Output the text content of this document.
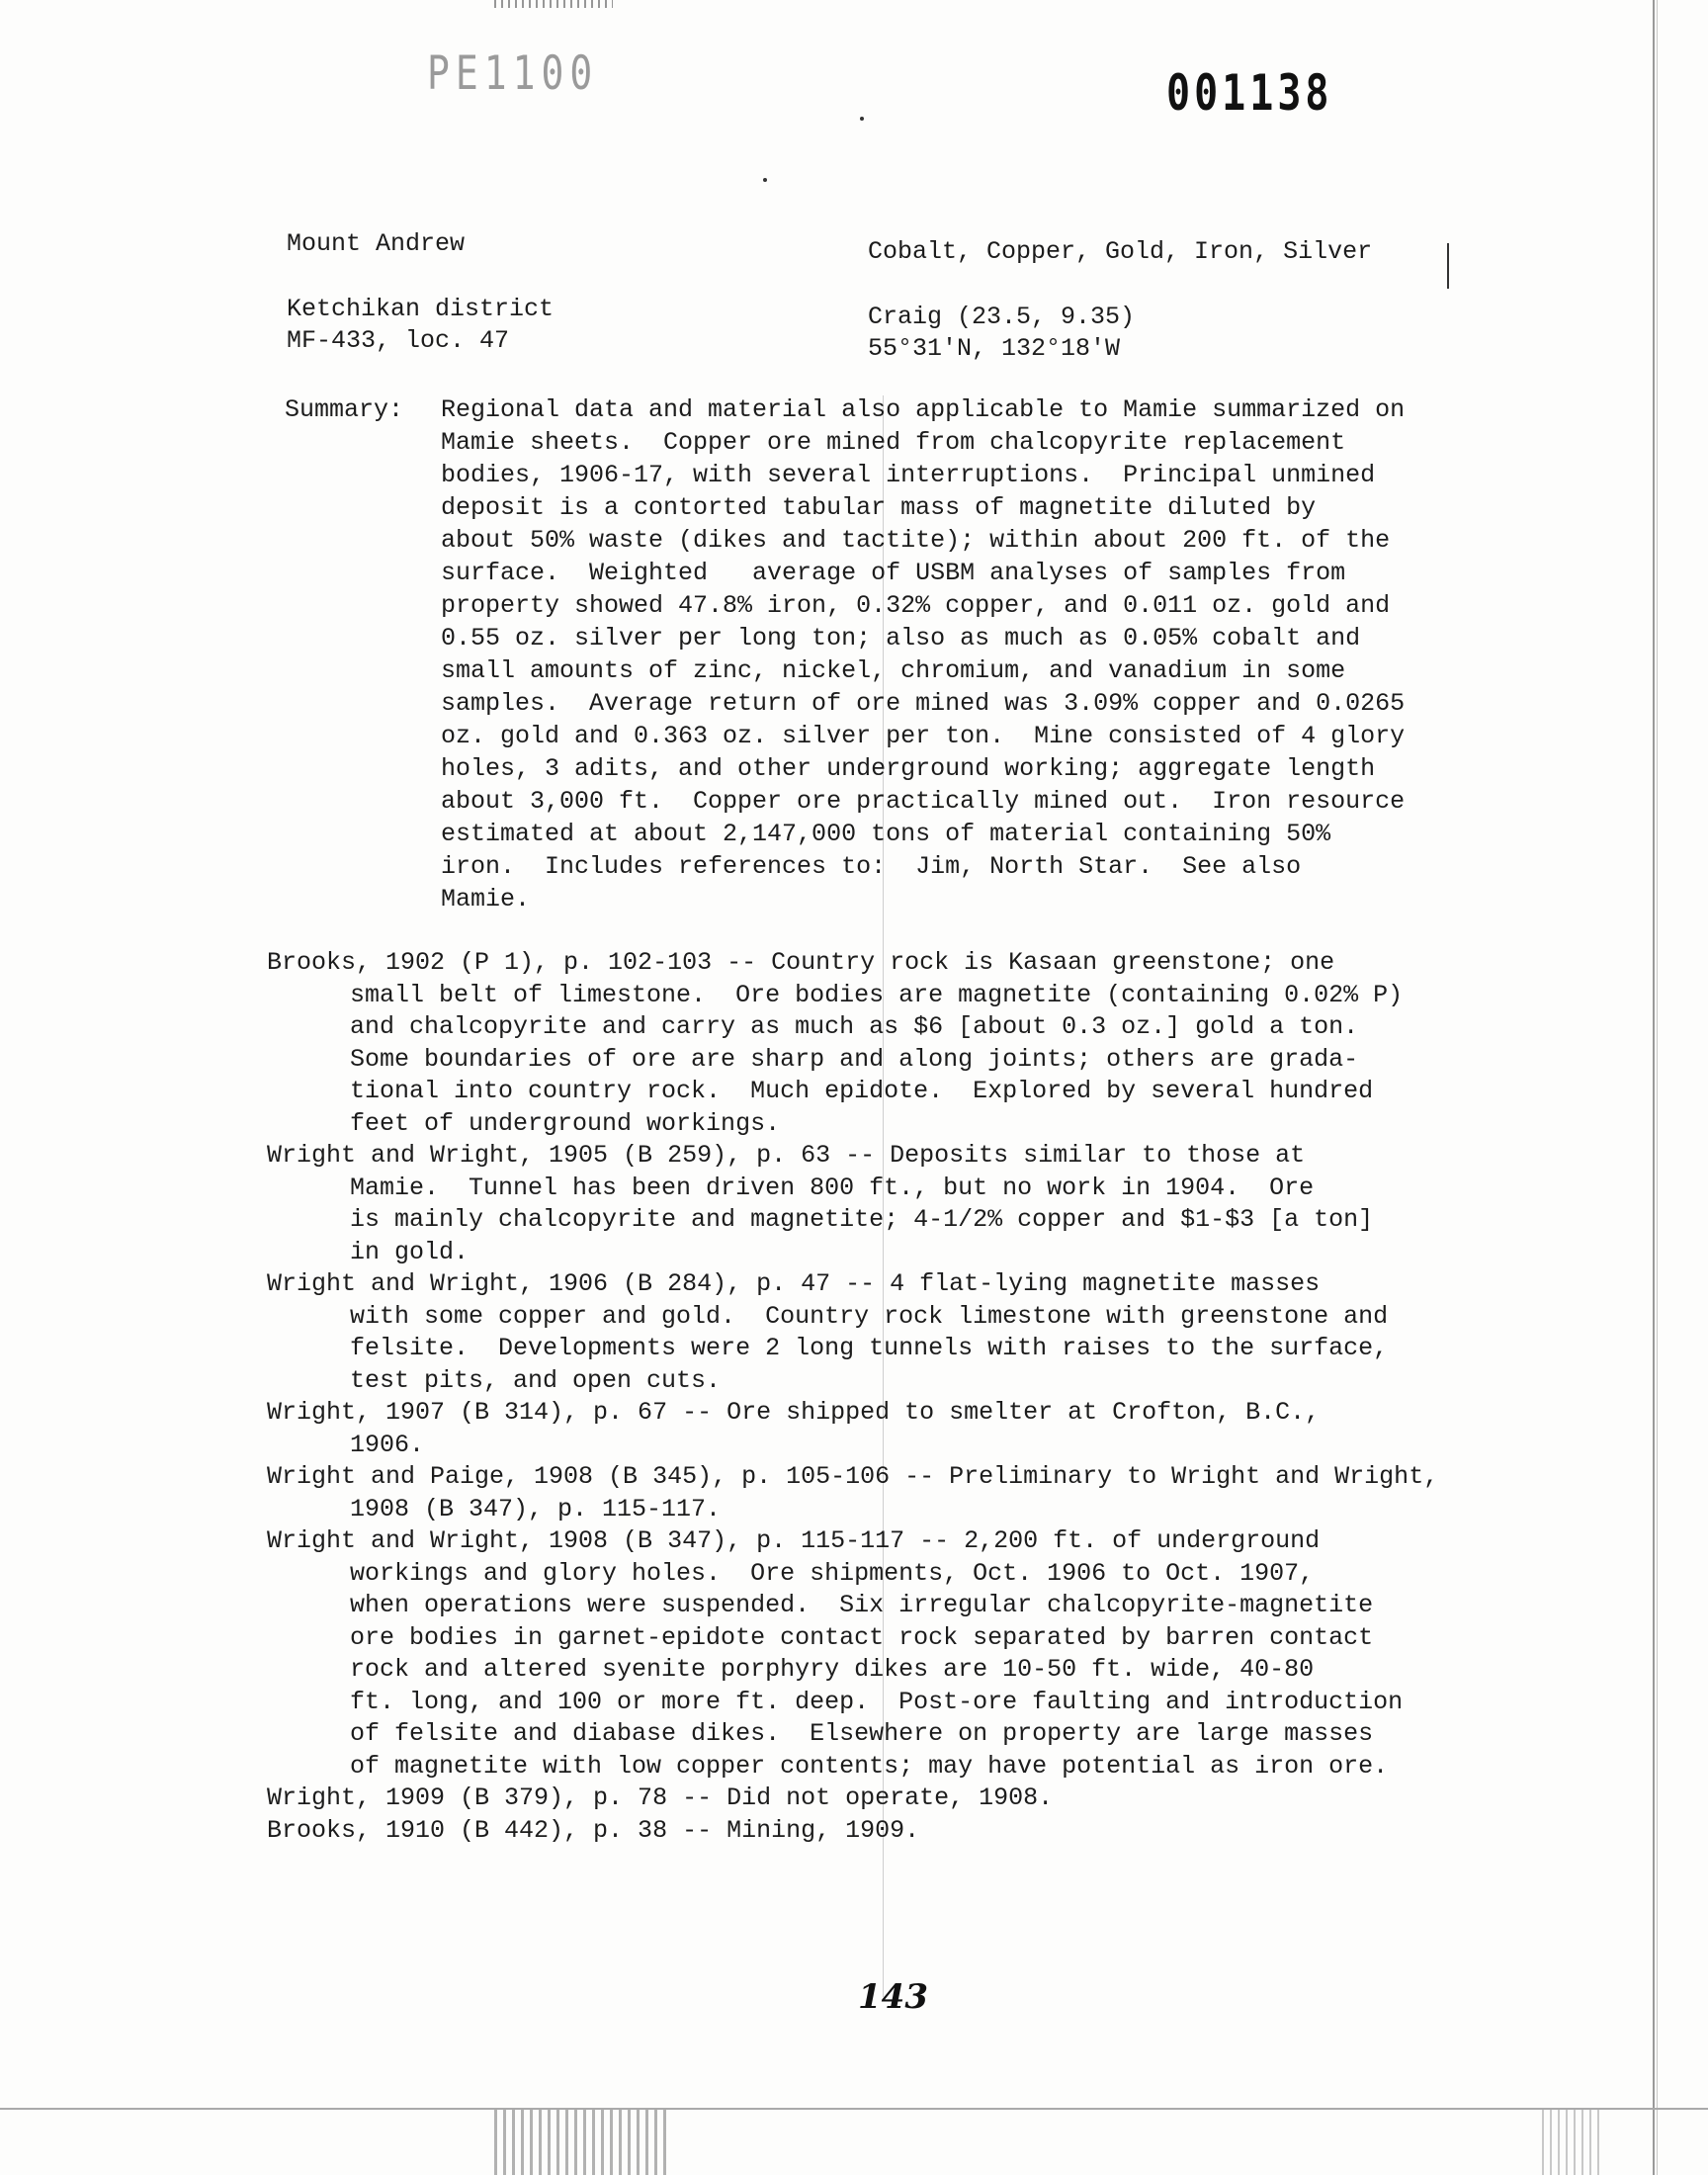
PE1100	001138
Mount Andrew	Cobalt, Copper, Gold, Iron, Silver
Ketchikan district
MF-433, loc. 47
Craig (23.5, 9.35)
55°31'N, 132°18'W
Summary: Regional data and material also applicable to Mamie summarized on
Mamie sheets.  Copper ore mined from chalcopyrite replacement
bodies, 1906-17, with several interruptions.  Principal unmined
deposit is a contorted tabular mass of magnetite diluted by
about 50% waste (dikes and tactite); within about 200 ft. of the
surface.  Weighted   average of USBM analyses of samples from
property showed 47.8% iron, 0.32% copper, and 0.011 oz. gold and
0.55 oz. silver per long ton; also as much as 0.05% cobalt and
small amounts of zinc, nickel, chromium, and vanadium in some
samples.  Average return of ore mined was 3.09% copper and 0.0265
oz. gold and 0.363 oz. silver per ton.  Mine consisted of 4 glory
holes, 3 adits, and other underground working; aggregate length
about 3,000 ft.  Copper ore practically mined out.  Iron resource
estimated at about 2,147,000 tons of material containing 50%
iron.  Includes references to:  Jim, North Star.  See also
Mamie.
Brooks, 1902 (P 1), p. 102-103 -- Country rock is Kasaan greenstone; one
small belt of limestone.  Ore bodies are magnetite (containing 0.02% P)
and chalcopyrite and carry as much as $6 [about 0.3 oz.] gold a ton.
Some boundaries of ore are sharp and along joints; others are grada-
tional into country rock.  Much epidote.  Explored by several hundred
feet of underground workings.
Wright and Wright, 1905 (B 259), p. 63 -- Deposits similar to those at
Mamie.  Tunnel has been driven 800 ft., but no work in 1904.  Ore
is mainly chalcopyrite and magnetite; 4-1/2% copper and $1-$3 [a ton]
in gold.
Wright and Wright, 1906 (B 284), p. 47 -- 4 flat-lying magnetite masses
with some copper and gold.  Country rock limestone with greenstone and
felsite.  Developments were 2 long tunnels with raises to the surface,
test pits, and open cuts.
Wright, 1907 (B 314), p. 67 -- Ore shipped to smelter at Crofton, B.C.,
1906.
Wright and Paige, 1908 (B 345), p. 105-106 -- Preliminary to Wright and Wright,
1908 (B 347), p. 115-117.
Wright and Wright, 1908 (B 347), p. 115-117 -- 2,200 ft. of underground
workings and glory holes.  Ore shipments, Oct. 1906 to Oct. 1907,
when operations were suspended.  Six irregular chalcopyrite-magnetite
ore bodies in garnet-epidote contact rock separated by barren contact
rock and altered syenite porphyry dikes are 10-50 ft. wide, 40-80
ft. long, and 100 or more ft. deep.  Post-ore faulting and introduction
of felsite and diabase dikes.  Elsewhere on property are large masses
of magnetite with low copper contents; may have potential as iron ore.
Wright, 1909 (B 379), p. 78 -- Did not operate, 1908.
Brooks, 1910 (B 442), p. 38 -- Mining, 1909.
143
